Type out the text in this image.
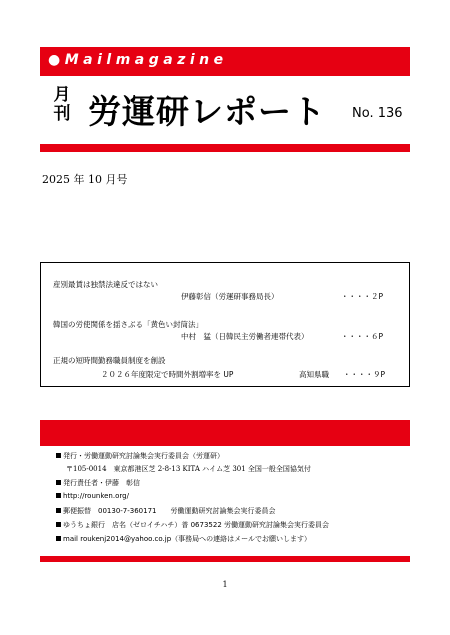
●Mailmagazine
月
刊 労運研レポート No. 136
2025 年 10 月号
産別最賃は独禁法違反ではない
伊藤彰信（労運研事務局長）	・・・・２P
韓国の労使関係を揺さぶる「黄色い封筒法」
中村　猛（日韓民主労働者連帯代表）	・・・・６P
正規の短時間勤務職員制度を創設
２０２６年度限定で時間外割増率を UP	高知県職 ・・・・９P
発行・労働運動研究討論集会実行委員会（労運研）
〒105-0014　東京都港区芝 2-8-13 KITA ハイム芝 301 全国一般全国協気付
発行責任者・伊藤　彰信
http://rounken.org/
郵便振替　00130-7-360171　　労働運動研究討論集会実行委員会
ゆうちょ銀行　店名（ゼロイチハチ）普 0673522 労働運動研究討論集会実行委員会
mail roukenj2014@yahoo.co.jp（事務局への連絡はメールでお願いします）
1
